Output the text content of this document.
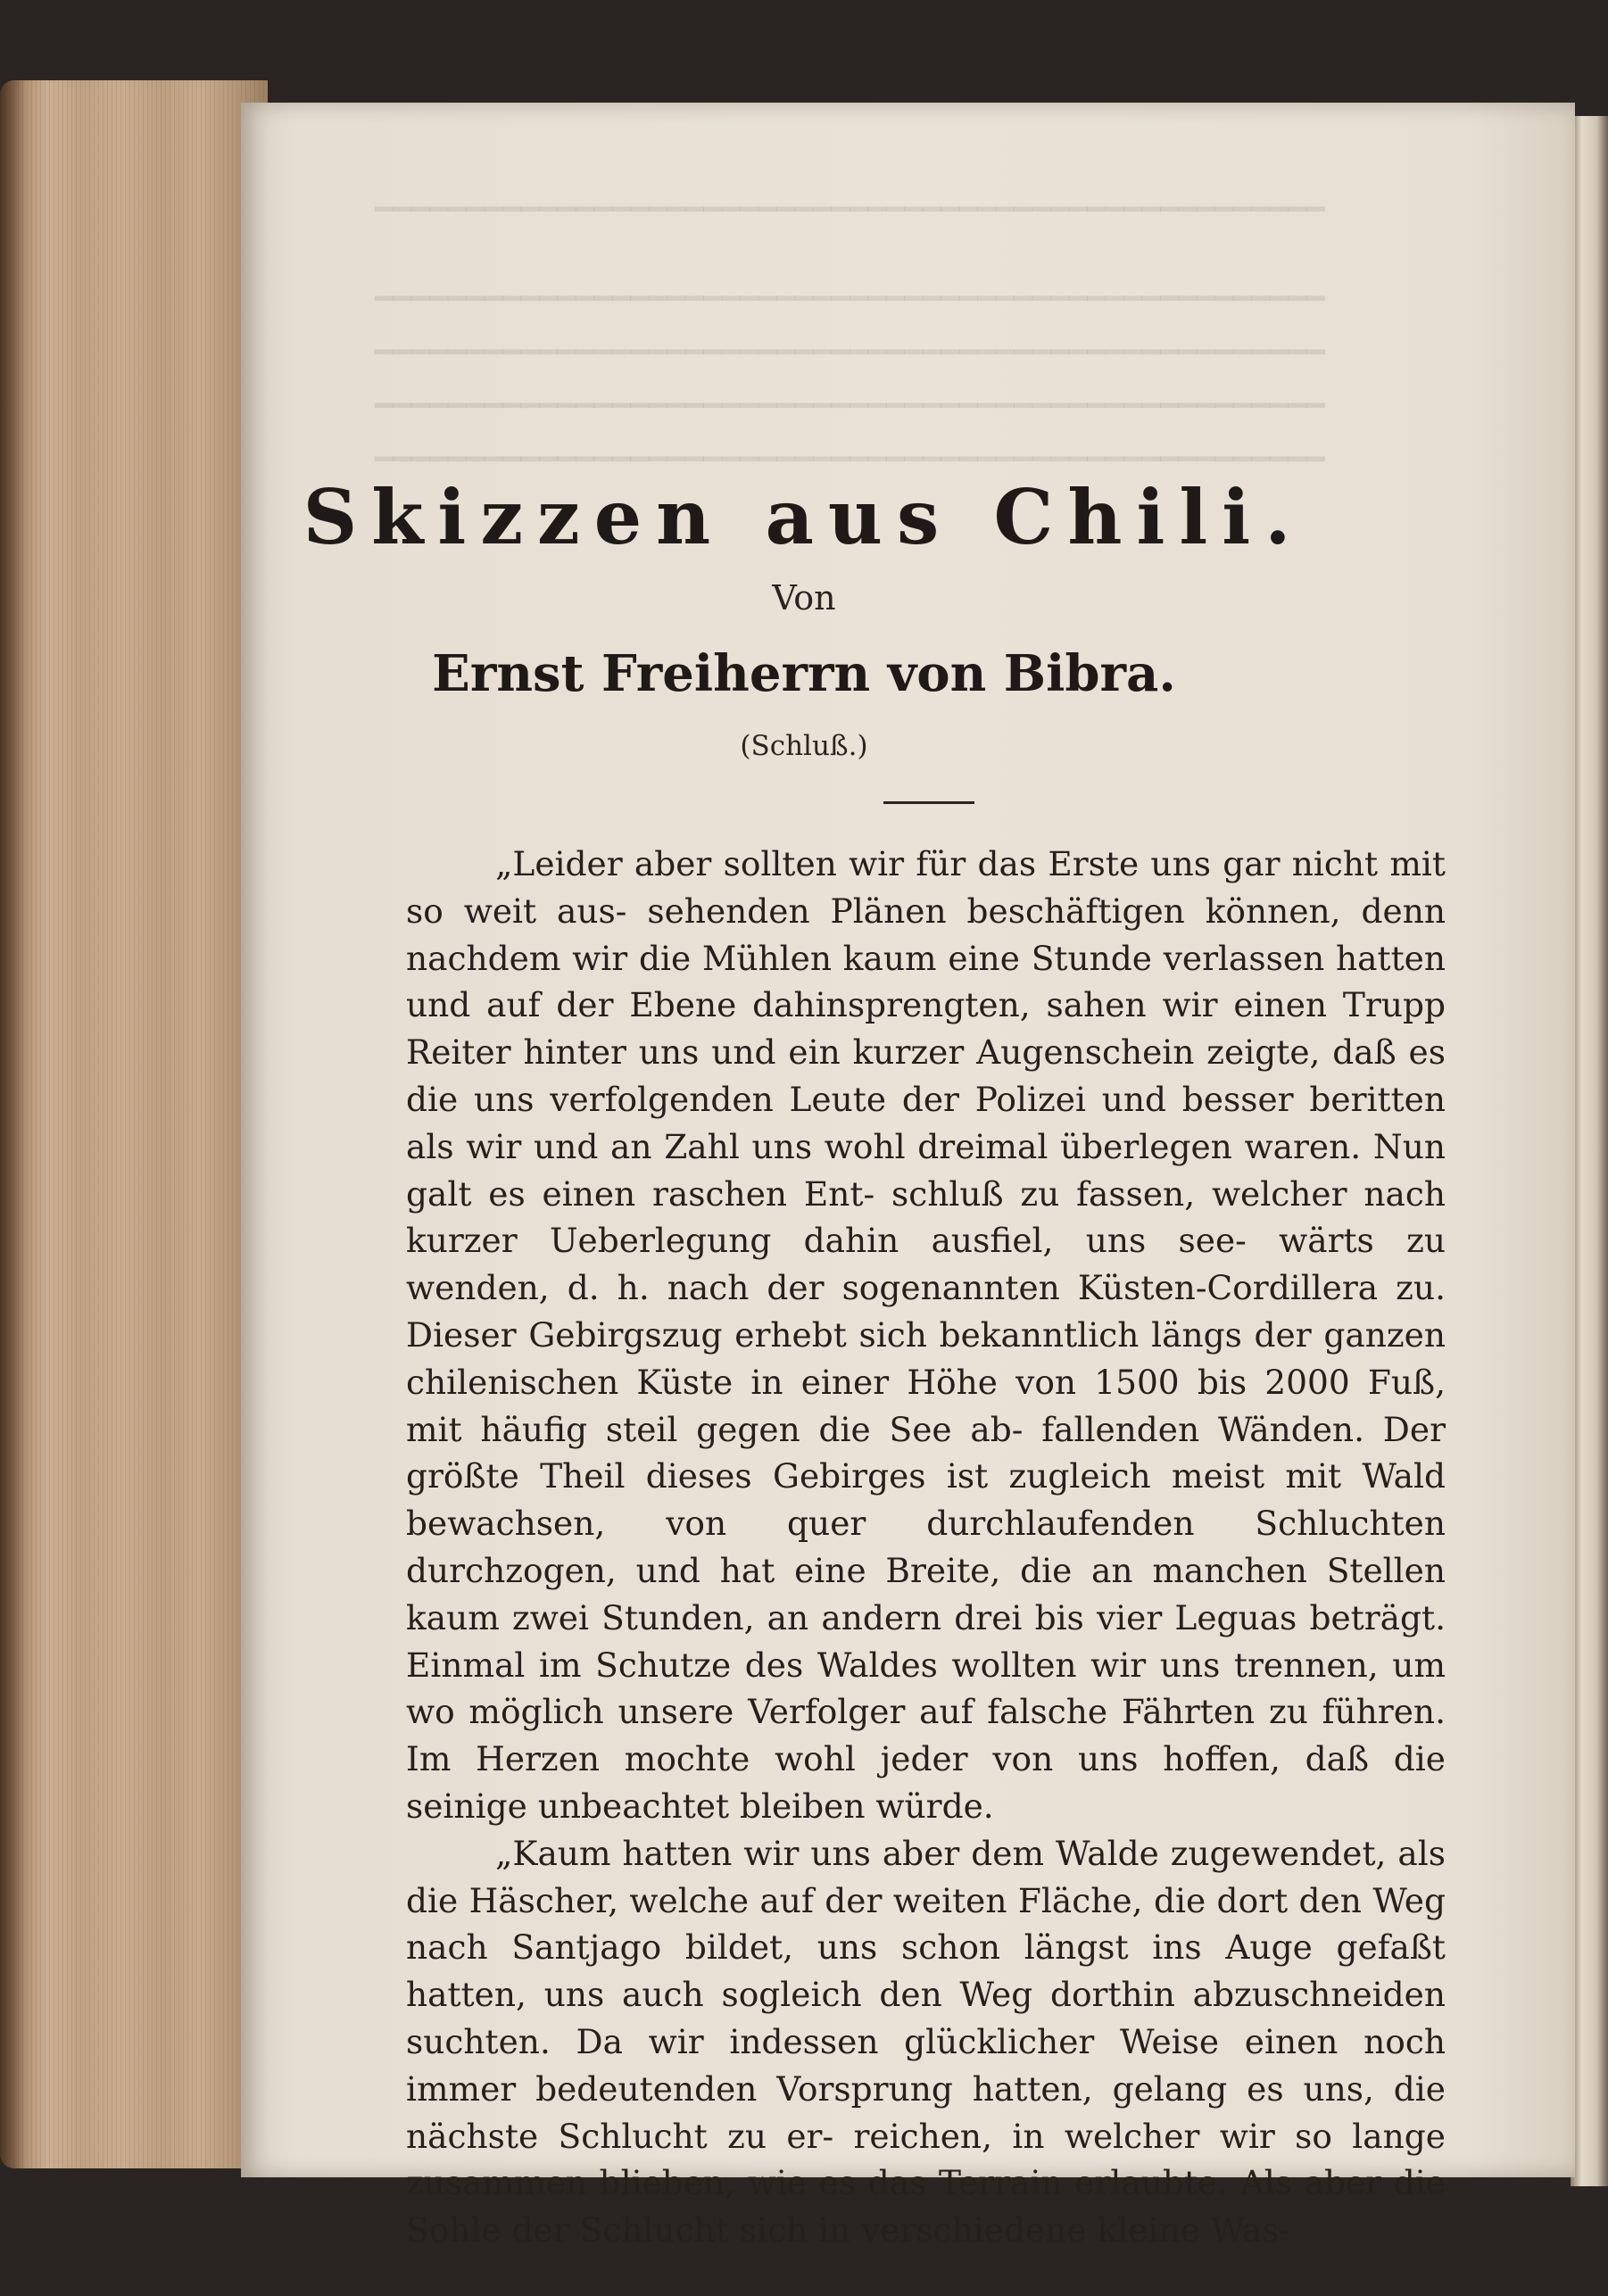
━━━━━━━━━━━━━━━━━━━━━━━━━━━━━━━━━━━━━━━━━━━━━━━━━━━━
━━━━━━━━━━━━━━━━━━━━━━━━━━━━━━━━━━━━━━━━━━━━━━━━━━━━
━━━━━━━━━━━━━━━━━━━━━━━━━━━━━━━━━━━━━━━━━━━━━━━━━━━━
━━━━━━━━━━━━━━━━━━━━━━━━━━━━━━━━━━━━━━━━━━━━━━━━━━━━
━━━━━━━━━━━━━━━━━━━━━━━━━━━━━━━━━━━━━━━━━━━━━━━━━━━━
Skizzen aus Chili.
Von
Ernst Freiherrn von Bibra.
(Schluß.)

„Leider aber sollten wir für das Erste uns gar nicht mit so weit aus- sehenden Plänen beschäftigen können, denn nachdem wir die Mühlen kaum eine Stunde verlassen hatten und auf der Ebene dahinsprengten, sahen wir einen Trupp Reiter hinter uns und ein kurzer Augenschein zeigte, daß es die uns verfolgenden Leute der Polizei und besser beritten als wir und an Zahl uns wohl dreimal überlegen waren. Nun galt es einen raschen Ent- schluß zu fassen, welcher nach kurzer Ueberlegung dahin ausfiel, uns see- wärts zu wenden, d. h. nach der sogenannten Küsten-Cordillera zu. Dieser Gebirgszug erhebt sich bekanntlich längs der ganzen chilenischen Küste in einer Höhe von 1500 bis 2000 Fuß, mit häufig steil gegen die See ab- fallenden Wänden. Der größte Theil dieses Gebirges ist zugleich meist mit Wald bewachsen, von quer durchlaufenden Schluchten durchzogen, und hat eine Breite, die an manchen Stellen kaum zwei Stunden, an andern drei bis vier Leguas beträgt. Einmal im Schutze des Waldes wollten wir uns trennen, um wo möglich unsere Verfolger auf falsche Fährten zu führen. Im Herzen mochte wohl jeder von uns hoffen, daß die seinige unbeachtet bleiben würde.

„Kaum hatten wir uns aber dem Walde zugewendet, als die Häscher, welche auf der weiten Fläche, die dort den Weg nach Santjago bildet, uns schon längst ins Auge gefaßt hatten, uns auch sogleich den Weg dorthin abzuschneiden suchten. Da wir indessen glücklicher Weise einen noch immer bedeutenden Vorsprung hatten, gelang es uns, die nächste Schlucht zu er- reichen, in welcher wir so lange zusammen blieben, wie es das Terrain erlaubte. Als aber die Sohle der Schlucht sich in verschiedene kleine Was-
